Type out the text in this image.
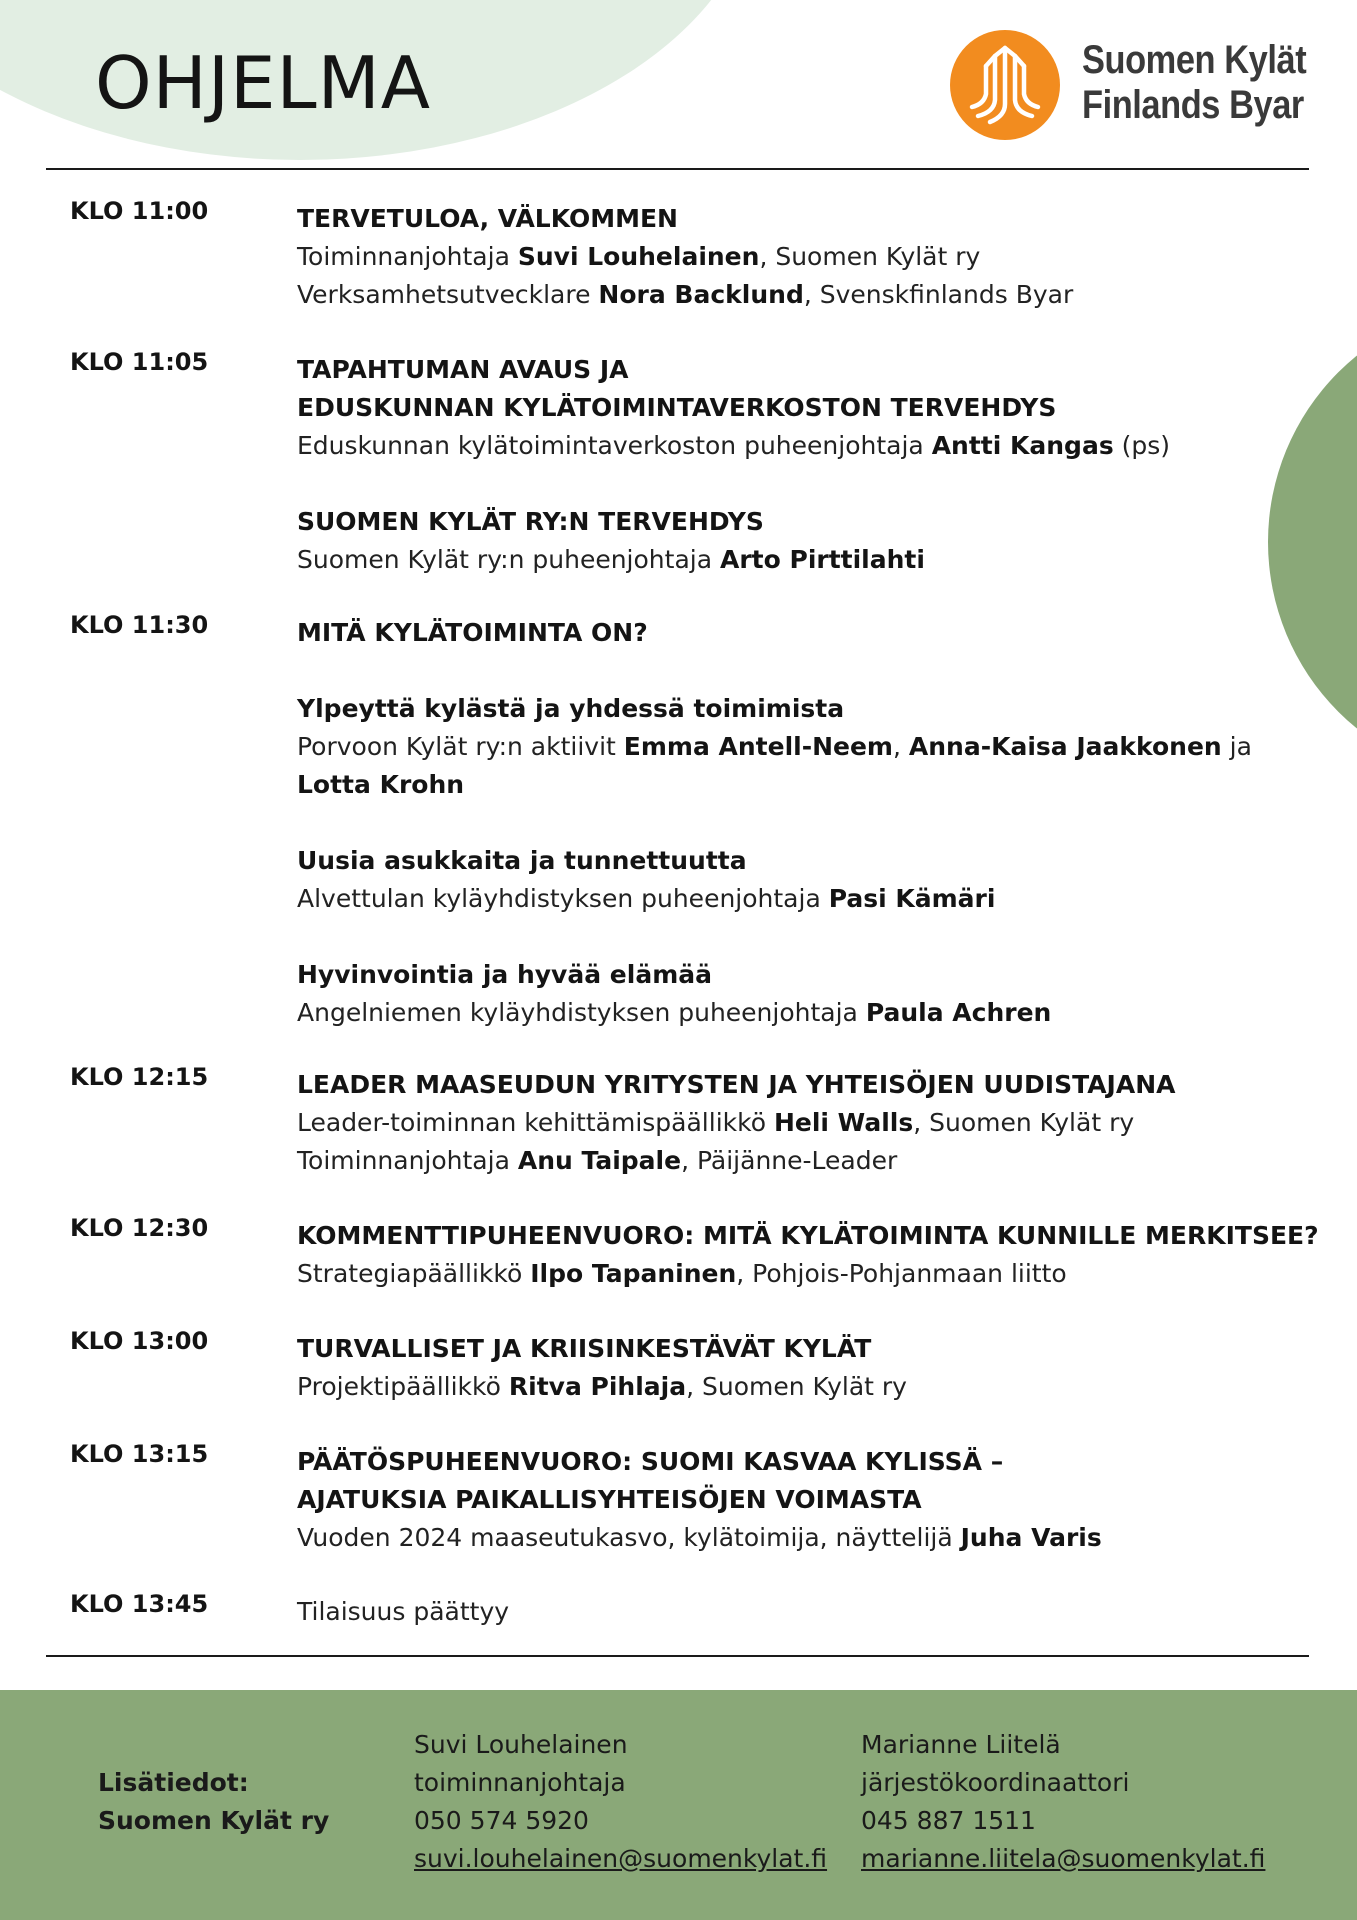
OHJELMA	Suomen Kylät
Finlands Byar
KLO 11:00	TERVETULOA, VÄLKOMMEN
Toiminnanjohtaja Suvi Louhelainen, Suomen Kylät ry
Verksamhetsutvecklare Nora Backlund, Svenskfinlands Byar
KLO 11:05	TAPAHTUMAN AVAUS JA
EDUSKUNNAN KYLÄTOIMINTAVERKOSTON TERVEHDYS
Eduskunnan kylätoimintaverkoston puheenjohtaja Antti Kangas (ps)
SUOMEN KYLÄT RY:N TERVEHDYS
Suomen Kylät ry:n puheenjohtaja Arto Pirttilahti
KLO 11:30	MITÄ KYLÄTOIMINTA ON?
Ylpeyttä kylästä ja yhdessä toimimista
Porvoon Kylät ry:n aktiivit Emma Antell-Neem, Anna-Kaisa Jaakkonen ja
Lotta Krohn
Uusia asukkaita ja tunnettuutta
Alvettulan kyläyhdistyksen puheenjohtaja Pasi Kämäri
Hyvinvointia ja hyvää elämää
Angelniemen kyläyhdistyksen puheenjohtaja Paula Achren
KLO 12:15	LEADER MAASEUDUN YRITYSTEN JA YHTEISÖJEN UUDISTAJANA
Leader-toiminnan kehittämispäällikkö Heli Walls, Suomen Kylät ry
Toiminnanjohtaja Anu Taipale, Päijänne-Leader
KLO 12:30	KOMMENTTIPUHEENVUORO: MITÄ KYLÄTOIMINTA KUNNILLE MERKITSEE?
Strategiapäällikkö Ilpo Tapaninen, Pohjois-Pohjanmaan liitto
KLO 13:00	TURVALLISET JA KRIISINKESTÄVÄT KYLÄT
Projektipäällikkö Ritva Pihlaja, Suomen Kylät ry
KLO 13:15	PÄÄTÖSPUHEENVUORO: SUOMI KASVAA KYLISSÄ –
AJATUKSIA PAIKALLISYHTEISÖJEN VOIMASTA
Vuoden 2024 maaseutukasvo, kylätoimija, näyttelijä Juha Varis
KLO 13:45	Tilaisuus päättyy
Lisätiedot:
Suomen Kylät ry
Suvi Louhelainen
toiminnanjohtaja
050 574 5920
suvi.louhelainen@suomenkylat.fi
Marianne Liitelä
järjestökoordinaattori
045 887 1511
marianne.liitela@suomenkylat.fi
